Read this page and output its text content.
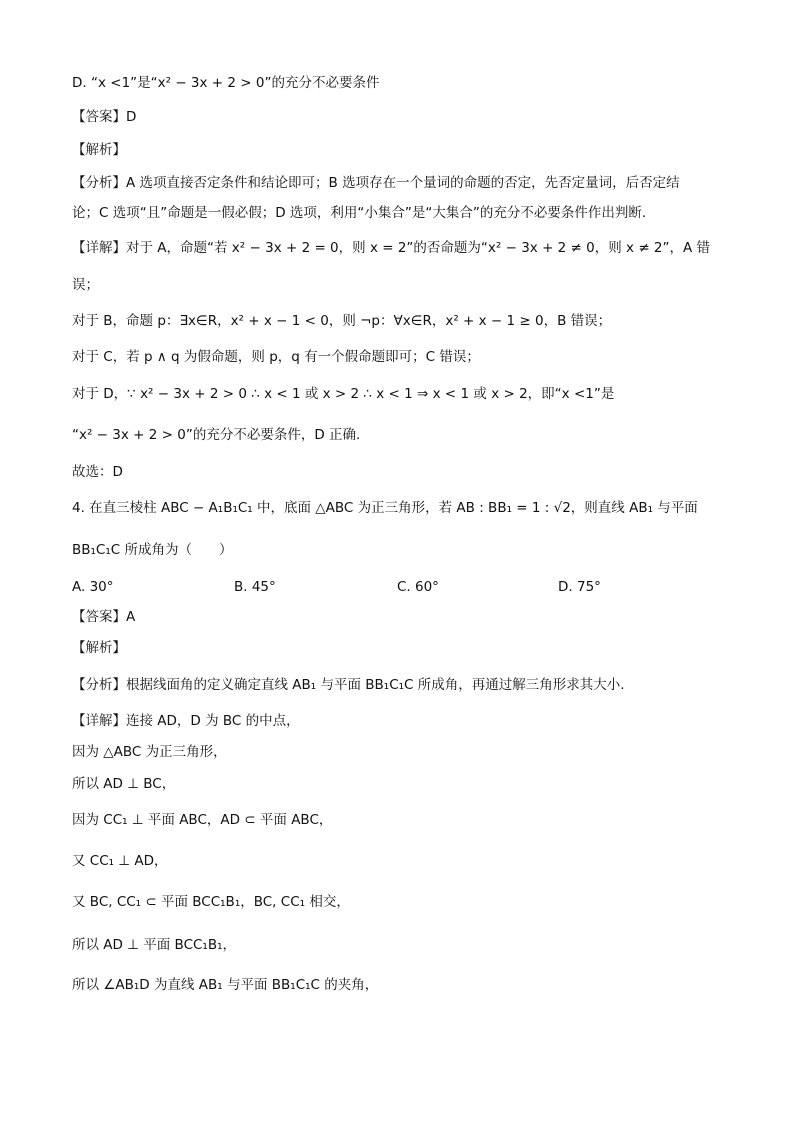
D. “x <1”是“x² − 3x + 2 > 0”的充分不必要条件
【答案】D
【解析】
【分析】A 选项直接否定条件和结论即可；B 选项存在一个量词的命题的否定，先否定量词，后否定结
论；C 选项“且”命题是一假必假；D 选项，利用“小集合”是“大集合”的充分不必要条件作出判断.
【详解】对于 A，命题“若 x² − 3x + 2 = 0，则 x = 2”的否命题为“x² − 3x + 2 ≠ 0，则 x ≠ 2”，A 错
误；
对于 B，命题 p：∃x∈R，x² + x − 1 < 0，则 ¬p：∀x∈R，x² + x − 1 ≥ 0，B 错误；
对于 C，若 p ∧ q 为假命题，则 p，q 有一个假命题即可；C 错误；
对于 D，∵ x² − 3x + 2 > 0 ∴ x < 1 或 x > 2 ∴ x < 1 ⇒ x < 1 或 x > 2，即“x <1”是
“x² − 3x + 2 > 0”的充分不必要条件，D 正确.
故选：D
4. 在直三棱柱 ABC − A₁B₁C₁ 中，底面 △ABC 为正三角形，若 AB : BB₁ = 1 : √2，则直线 AB₁ 与平面
BB₁C₁C 所成角为（　　）
A. 30°	B. 45°	C. 60°	D. 75°
【答案】A
【解析】
【分析】根据线面角的定义确定直线 AB₁ 与平面 BB₁C₁C 所成角，再通过解三角形求其大小.
【详解】连接 AD，D 为 BC 的中点，
因为 △ABC 为正三角形，
所以 AD ⊥ BC，
因为 CC₁ ⊥ 平面 ABC，AD ⊂ 平面 ABC，
又 CC₁ ⊥ AD，
又 BC, CC₁ ⊂ 平面 BCC₁B₁，BC, CC₁ 相交，
所以 AD ⊥ 平面 BCC₁B₁，
所以 ∠AB₁D 为直线 AB₁ 与平面 BB₁C₁C 的夹角，
